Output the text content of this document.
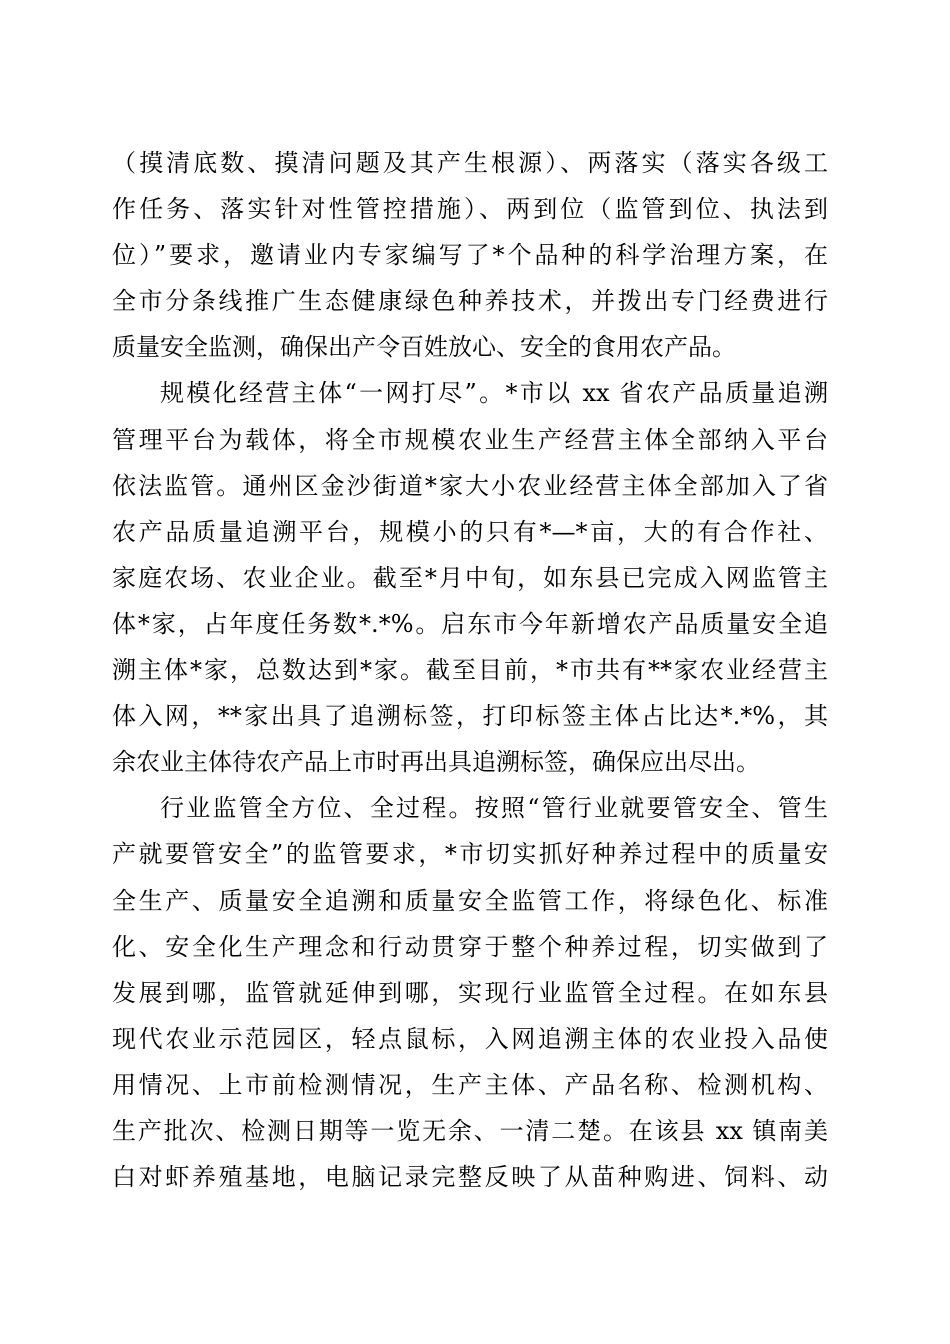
（摸清底数、摸清问题及其产生根源）、两落实（落实各级工
作任务、落实针对性管控措施）、两到位（监管到位、执法到
位）”要求，邀请业内专家编写了*个品种的科学治理方案，在
全市分条线推广生态健康绿色种养技术，并拨出专门经费进行
质量安全监测，确保出产令百姓放心、安全的食用农产品。
规模化经营主体“一网打尽”。*市以 xx 省农产品质量追溯
管理平台为载体，将全市规模农业生产经营主体全部纳入平台
依法监管。通州区金沙街道*家大小农业经营主体全部加入了省
农产品质量追溯平台，规模小的只有*—*亩，大的有合作社、
家庭农场、农业企业。截至*月中旬，如东县已完成入网监管主
体*家，占年度任务数*.*%。启东市今年新增农产品质量安全追
溯主体*家，总数达到*家。截至目前，*市共有**家农业经营主
体入网，**家出具了追溯标签，打印标签主体占比达*.*%，其
余农业主体待农产品上市时再出具追溯标签，确保应出尽出。
行业监管全方位、全过程。按照“管行业就要管安全、管生
产就要管安全”的监管要求，*市切实抓好种养过程中的质量安
全生产、质量安全追溯和质量安全监管工作，将绿色化、标准
化、安全化生产理念和行动贯穿于整个种养过程，切实做到了
发展到哪，监管就延伸到哪，实现行业监管全过程。在如东县
现代农业示范园区，轻点鼠标，入网追溯主体的农业投入品使
用情况、上市前检测情况，生产主体、产品名称、检测机构、
生产批次、检测日期等一览无余、一清二楚。在该县 xx 镇南美
白对虾养殖基地，电脑记录完整反映了从苗种购进、饲料、动
